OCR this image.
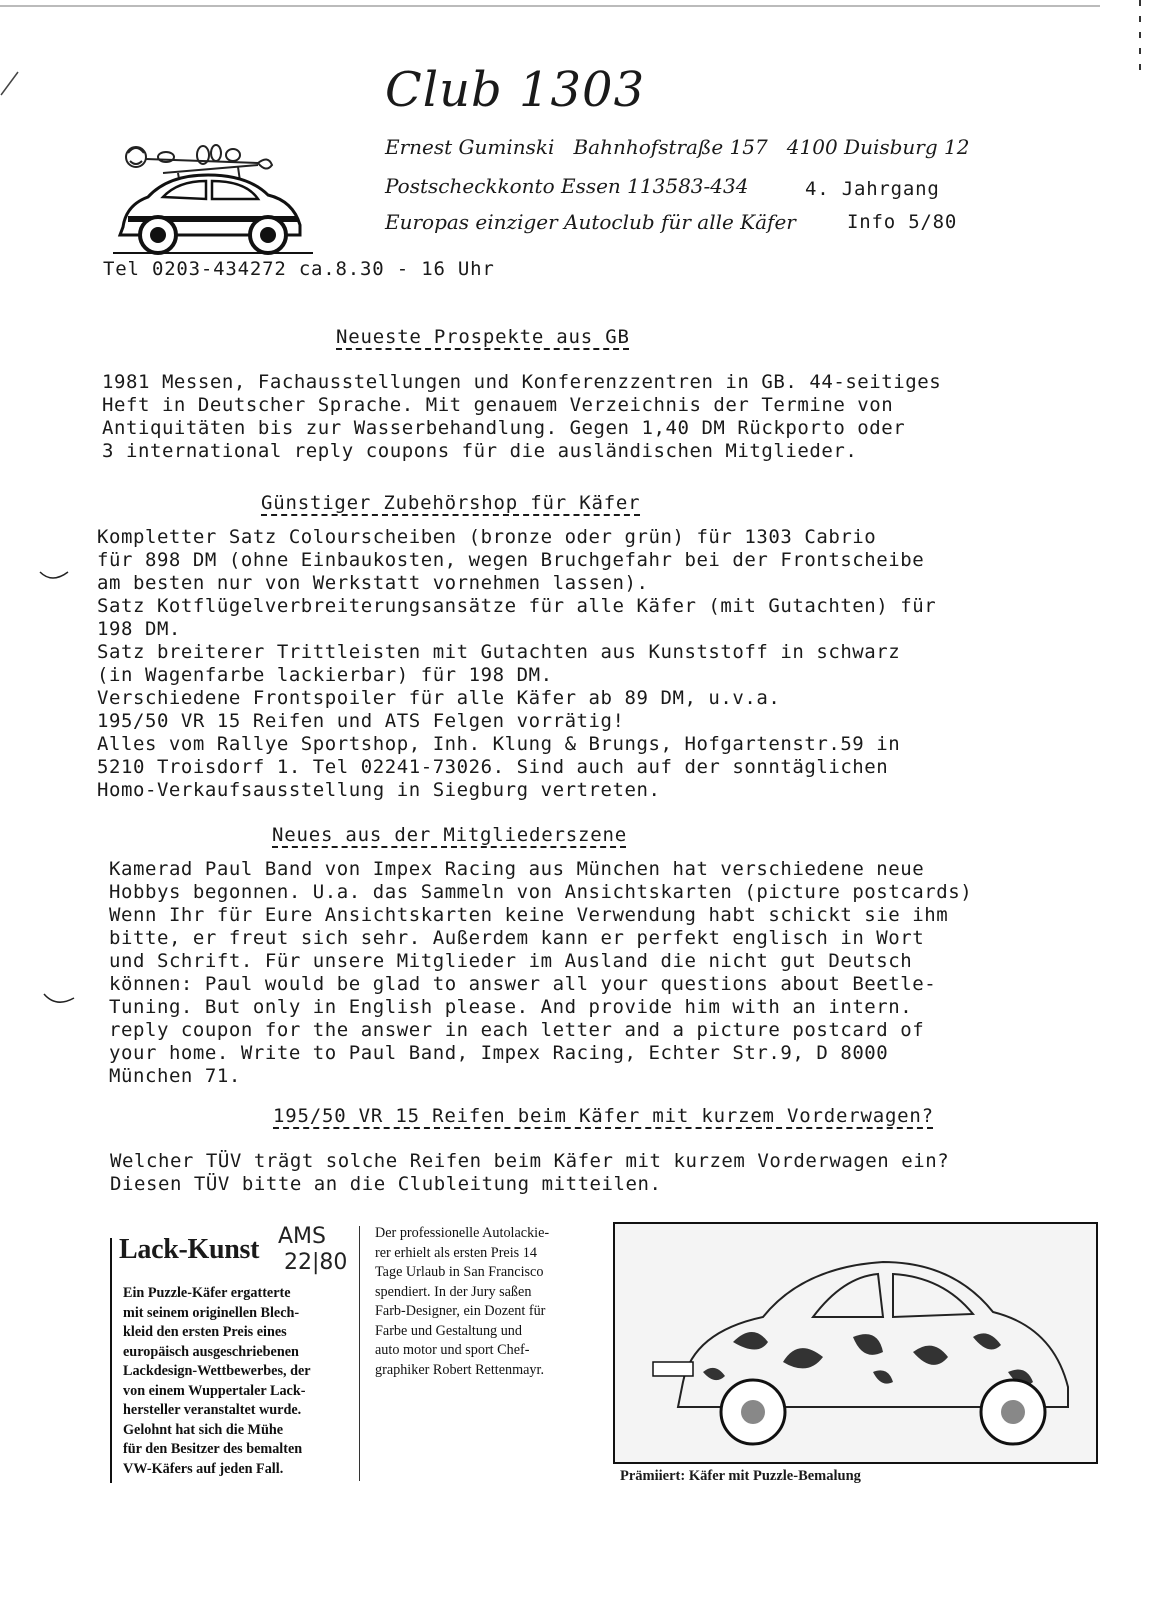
Club 1303
Ernest Guminski   Bahnhofstraße 157   4100 Duisburg 12
Postscheckkonto Essen 113583-434	4. Jahrgang
Europas einziger Autoclub für alle Käfer	Info 5/80
Tel 0203-434272 ca.8.30 - 16 Uhr
Neueste Prospekte aus GB
1981 Messen, Fachausstellungen und Konferenzzentren in GB. 44-seitiges
Heft in Deutscher Sprache. Mit genauem Verzeichnis der Termine von
Antiquitäten bis zur Wasserbehandlung. Gegen 1,40 DM Rückporto oder
3 international reply coupons für die ausländischen Mitglieder.
Günstiger Zubehörshop für Käfer
Kompletter Satz Colourscheiben (bronze oder grün) für 1303 Cabrio
für 898 DM (ohne Einbaukosten, wegen Bruchgefahr bei der Frontscheibe
am besten nur von Werkstatt vornehmen lassen).
Satz Kotflügelverbreiterungsansätze für alle Käfer (mit Gutachten) für
198 DM.
Satz breiterer Trittleisten mit Gutachten aus Kunststoff in schwarz
(in Wagenfarbe lackierbar) für 198 DM.
Verschiedene Frontspoiler für alle Käfer ab 89 DM, u.v.a.
195/50 VR 15 Reifen und ATS Felgen vorrätig!
Alles vom Rallye Sportshop, Inh. Klung & Brungs, Hofgartenstr.59 in
5210 Troisdorf 1. Tel 02241-73026. Sind auch auf der sonntäglichen
Homo-Verkaufsausstellung in Siegburg vertreten.
Neues aus der Mitgliederszene
Kamerad Paul Band von Impex Racing aus München hat verschiedene neue
Hobbys begonnen. U.a. das Sammeln von Ansichtskarten (picture postcards)
Wenn Ihr für Eure Ansichtskarten keine Verwendung habt schickt sie ihm
bitte, er freut sich sehr. Außerdem kann er perfekt englisch in Wort
und Schrift. Für unsere Mitglieder im Ausland die nicht gut Deutsch
können: Paul would be glad to answer all your questions about Beetle-
Tuning. But only in English please. And provide him with an intern.
reply coupon for the answer in each letter and a picture postcard of
your home. Write to Paul Band, Impex Racing, Echter Str.9, D 8000
München 71.
195/50 VR 15 Reifen beim Käfer mit kurzem Vorderwagen?
Welcher TÜV trägt solche Reifen beim Käfer mit kurzem Vorderwagen ein?
Diesen TÜV bitte an die Clubleitung mitteilen.
Lack-Kunst AMS
22|80
Ein Puzzle-Käfer ergatterte
mit seinem originellen Blech-
kleid den ersten Preis eines
europäisch ausgeschriebenen
Lackdesign-Wettbewerbes, der
von einem Wuppertaler Lack-
hersteller veranstaltet wurde.
Gelohnt hat sich die Mühe
für den Besitzer des bemalten
VW-Käfers auf jeden Fall.
Der professionelle Autolackie-
rer erhielt als ersten Preis 14
Tage Urlaub in San Francisco
spendiert. In der Jury saßen
Farb-Designer, ein Dozent für
Farbe und Gestaltung und
auto motor und sport Chef-
graphiker Robert Rettenmayr.
Prämiiert: Käfer mit Puzzle-Bemalung
